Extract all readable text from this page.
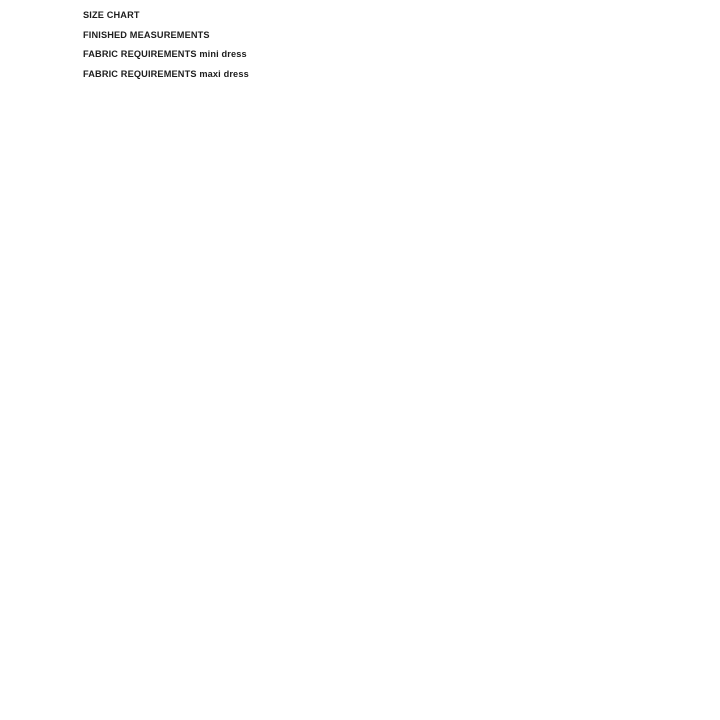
SIZE CHART
FINISHED MEASUREMENTS
FABRIC REQUIREMENTS mini dress
FABRIC REQUIREMENTS maxi dress
